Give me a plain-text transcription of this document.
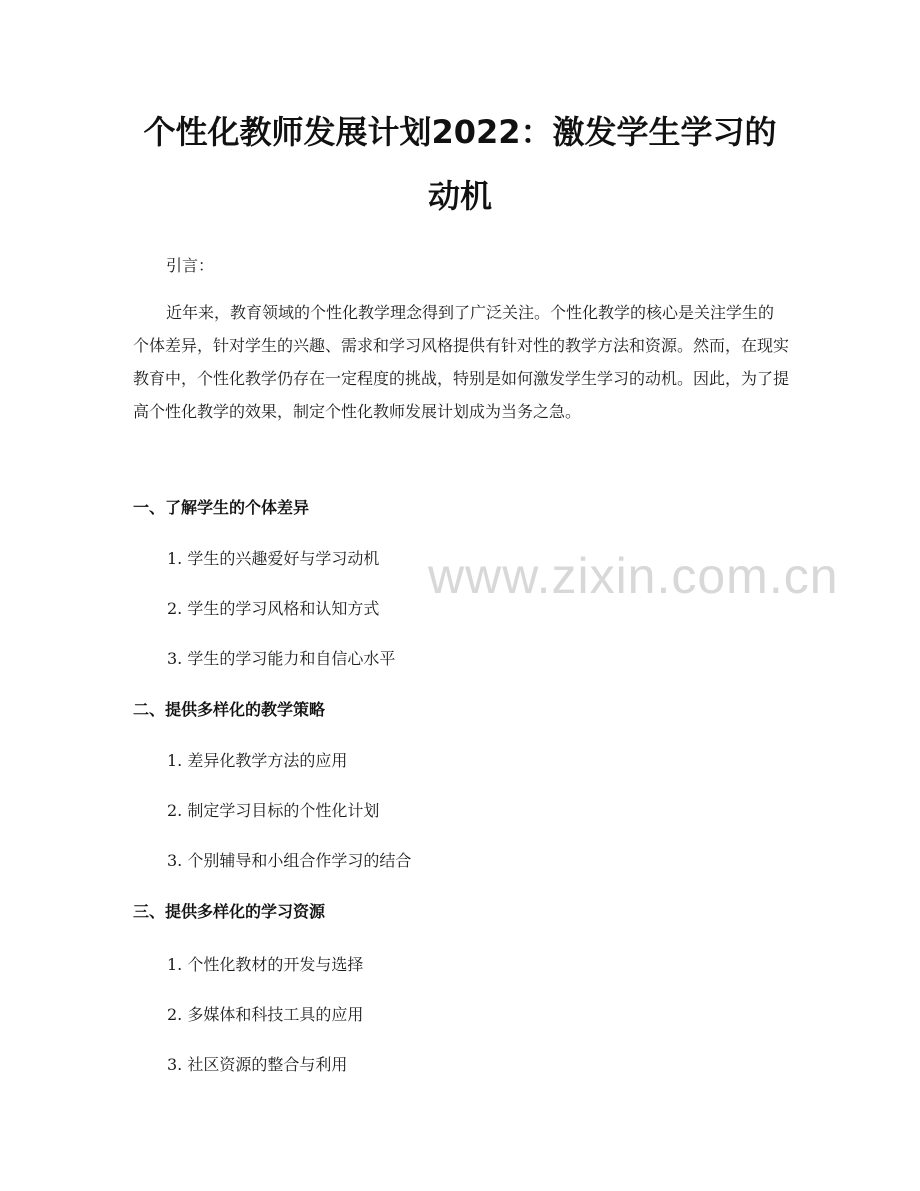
个性化教师发展计划2022：激发学生学习的
动机

引言：

近年来，教育领域的个性化教学理念得到了广泛关注。个性化教学的核心是关注学生的个体差异，针对学生的兴趣、需求和学习风格提供有针对性的教学方法和资源。然而，在现实教育中，个性化教学仍存在一定程度的挑战，特别是如何激发学生学习的动机。因此，为了提高个性化教学的效果，制定个性化教师发展计划成为当务之急。

一、了解学生的个体差异

1. 学生的兴趣爱好与学习动机

2. 学生的学习风格和认知方式

3. 学生的学习能力和自信心水平

二、提供多样化的教学策略

1. 差异化教学方法的应用

2. 制定学习目标的个性化计划

3. 个别辅导和小组合作学习的结合

三、提供多样化的学习资源

1. 个性化教材的开发与选择

2. 多媒体和科技工具的应用

3. 社区资源的整合与利用

www.zixin.com.cn
